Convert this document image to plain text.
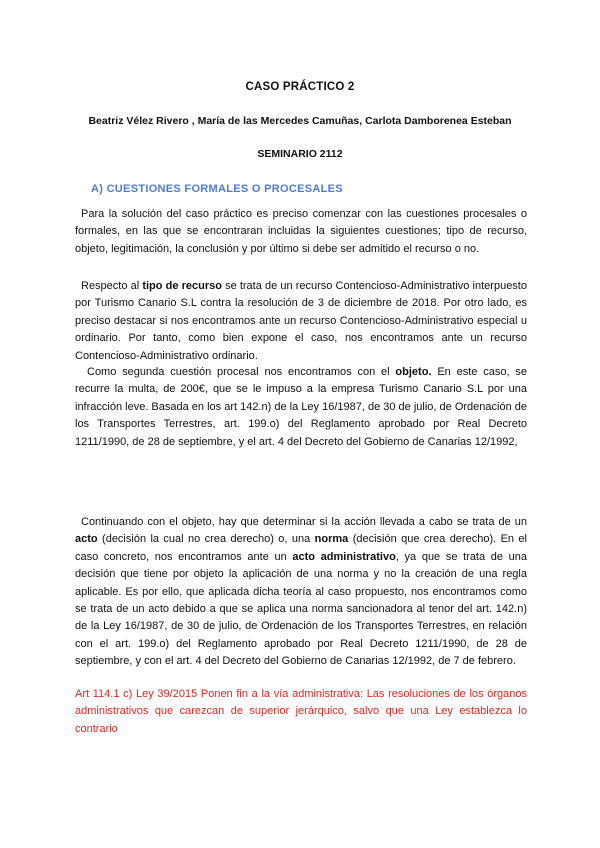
CASO PRÁCTICO 2
Beatriz Vélez Rivero , María de las Mercedes Camuñas, Carlota Damborenea Esteban
SEMINARIO 2112
A) CUESTIONES FORMALES O PROCESALES

Para la solución del caso práctico es preciso comenzar con las cuestiones procesales o formales, en las que se encontraran incluidas la siguientes cuestiones; tipo de recurso, objeto, legitimación, la conclusión y por último si debe ser admitido el recurso o no.

Respecto al tipo de recurso se trata de un recurso Contencioso-Administrativo interpuesto por Turismo Canario S.L contra la resolución de 3 de diciembre de 2018. Por otro lado, es preciso destacar si nos encontramos ante un recurso Contencioso-Administrativo especial u ordinario. Por tanto, como bien expone el caso, nos encontramos ante un recurso Contencioso-Administrativo ordinario.

Como segunda cuestión procesal nos encontramos con el objeto. En este caso, se recurre la multa, de 200€, que se le impuso a la empresa Turismo Canario S.L por una infracción leve. Basada en los art 142.n) de la Ley 16/1987, de 30 de julio, de Ordenación de los Transportes Terrestres, art. 199.o) del Reglamento aprobado por Real Decreto 1211/1990, de 28 de septiembre, y el art. 4 del Decreto del Gobierno de Canarias 12/1992,

Continuando con el objeto, hay que determinar si la acción llevada a cabo se trata de un acto (decisión la cual no crea derecho) o, una norma (decisión que crea derecho). En el caso concreto, nos encontramos ante un acto administrativo, ya que se trata de una decisión que tiene por objeto la aplicación de una norma y no la creación de una regla aplicable. Es por ello, que aplicada dicha teoría al caso propuesto, nos encontramos como se trata de un acto debido a que se aplica una norma sancionadora al tenor del art. 142.n) de la Ley 16/1987, de 30 de julio, de Ordenación de los Transportes Terrestres, en relación con el art. 199.o) del Reglamento aprobado por Real Decreto 1211/1990, de 28 de septiembre, y con el art. 4 del Decreto del Gobierno de Canarias 12/1992, de 7 de febrero.

Art 114.1 c) Ley 39/2015 Ponen fin a la vía administrativa: Las resoluciones de los órganos administrativos que carezcan de superior jerárquico, salvo que una Ley establezca lo contrario
